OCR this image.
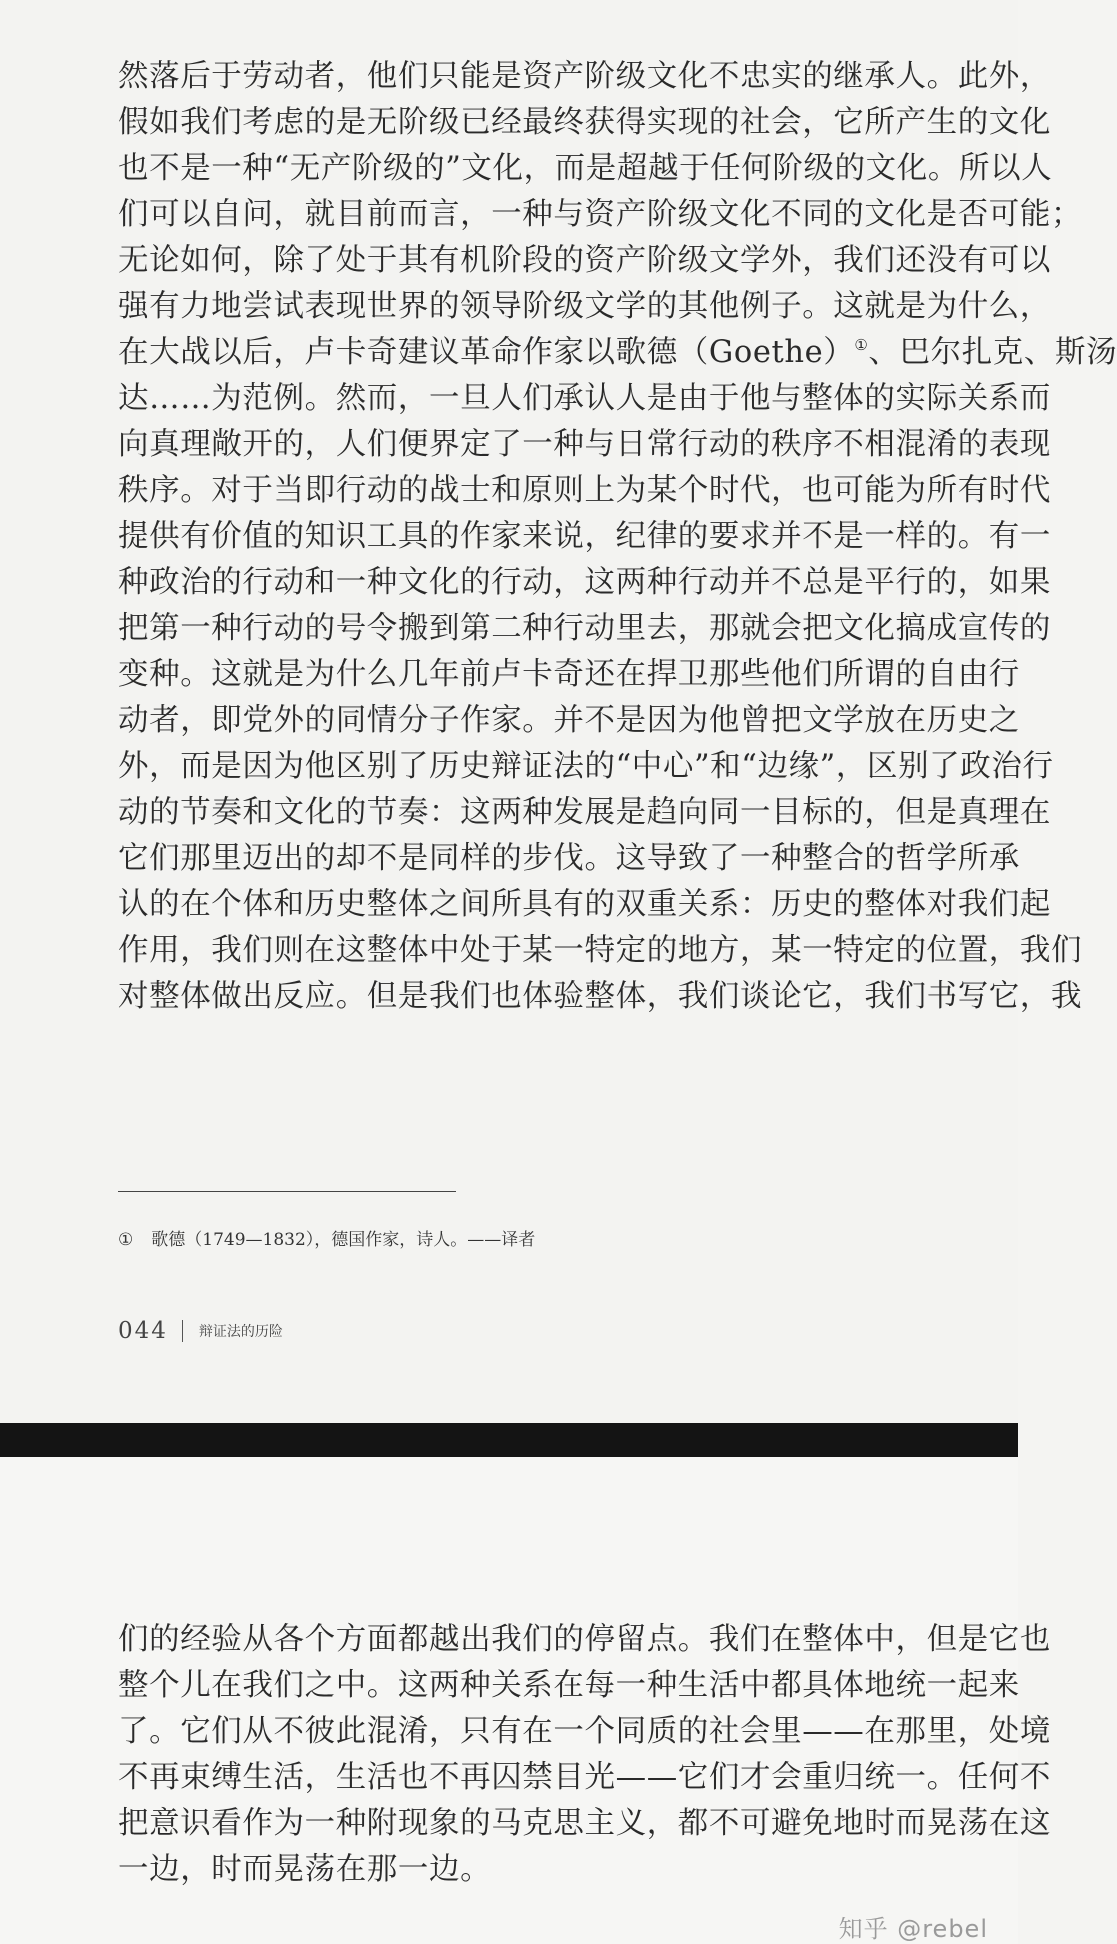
然落后于劳动者，他们只能是资产阶级文化不忠实的继承人。此外，

假如我们考虑的是无阶级已经最终获得实现的社会，它所产生的文化

也不是一种“无产阶级的”文化，而是超越于任何阶级的文化。所以人

们可以自问，就目前而言，一种与资产阶级文化不同的文化是否可能；

无论如何，除了处于其有机阶段的资产阶级文学外，我们还没有可以

强有力地尝试表现世界的领导阶级文学的其他例子。这就是为什么，

在大战以后，卢卡奇建议革命作家以歌德（Goethe）①、巴尔扎克、斯汤

达……为范例。然而，一旦人们承认人是由于他与整体的实际关系而

向真理敞开的，人们便界定了一种与日常行动的秩序不相混淆的表现

秩序。对于当即行动的战士和原则上为某个时代，也可能为所有时代

提供有价值的知识工具的作家来说，纪律的要求并不是一样的。有一

种政治的行动和一种文化的行动，这两种行动并不总是平行的，如果

把第一种行动的号令搬到第二种行动里去，那就会把文化搞成宣传的

变种。这就是为什么几年前卢卡奇还在捍卫那些他们所谓的自由行

动者，即党外的同情分子作家。并不是因为他曾把文学放在历史之

外，而是因为他区别了历史辩证法的“中心”和“边缘”，区别了政治行

动的节奏和文化的节奏：这两种发展是趋向同一目标的，但是真理在

它们那里迈出的却不是同样的步伐。这导致了一种整合的哲学所承

认的在个体和历史整体之间所具有的双重关系：历史的整体对我们起

作用，我们则在这整体中处于某一特定的地方，某一特定的位置，我们

对整体做出反应。但是我们也体验整体，我们谈论它，我们书写它，我

① 歌德（1749—1832），德国作家，诗人。——译者
044 辩证法的历险

们的经验从各个方面都越出我们的停留点。我们在整体中，但是它也

整个儿在我们之中。这两种关系在每一种生活中都具体地统一起来

了。它们从不彼此混淆，只有在一个同质的社会里——在那里，处境

不再束缚生活，生活也不再囚禁目光——它们才会重归统一。任何不

把意识看作为一种附现象的马克思主义，都不可避免地时而晃荡在这

一边，时而晃荡在那一边。

知乎 @rebel
